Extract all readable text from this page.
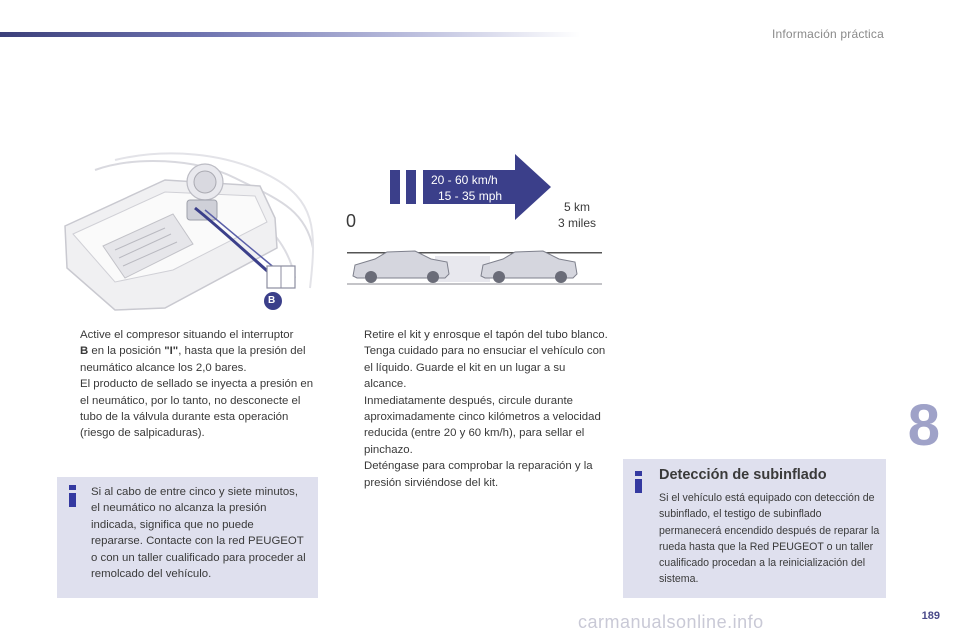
Información práctica
B
20 - 60 km/h
15 - 35 mph
0
5 km
3 miles

Active el compresor situando el interruptor
B en la posición "I", hasta que la presión del neumático alcance los 2,0 bares.
El producto de sellado se inyecta a presión en el neumático, por lo tanto, no desconecte el tubo de la válvula durante esta operación (riesgo de salpicaduras).

Retire el kit y enrosque el tapón del tubo blanco.
Tenga cuidado para no ensuciar el vehículo con el líquido. Guarde el kit en un lugar a su alcance.

Inmediatamente después, circule durante aproximadamente cinco kilómetros a velocidad reducida (entre 20 y 60 km/h), para sellar el pinchazo.

Deténgase para comprobar la reparación y la presión sirviéndose del kit.

Si al cabo de entre cinco y siete minutos, el neumático no alcanza la presión indicada, significa que no puede repararse. Contacte con la red PEUGEOT o con un taller cualificado para proceder al remolcado del vehículo.
Detección de subinflado
Si el vehículo está equipado con detección de subinflado, el testigo de subinflado permanecerá encendido después de reparar la rueda hasta que la Red PEUGEOT o un taller cualificado procedan a la reinicialización del sistema.
8
carmanualsonline.info	189
